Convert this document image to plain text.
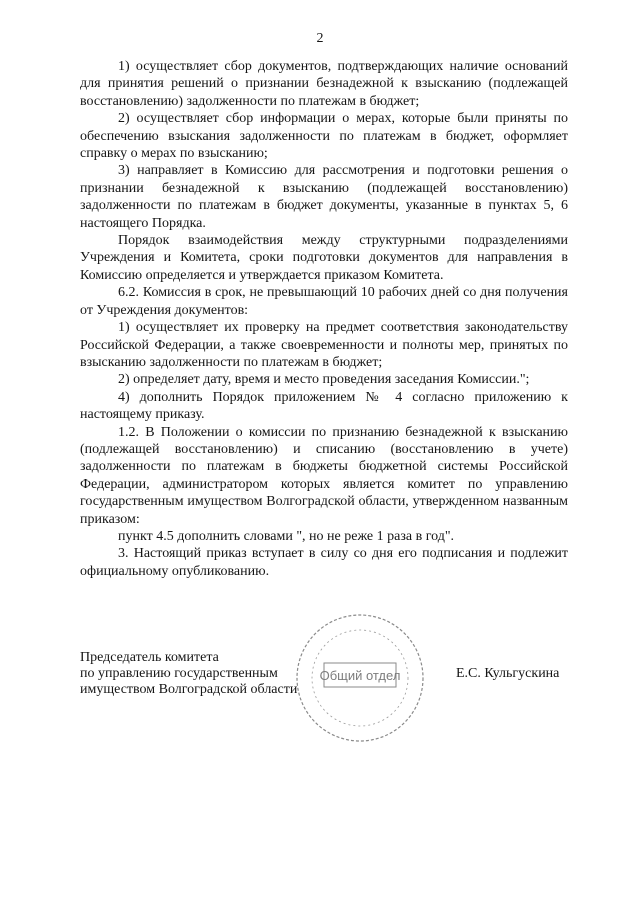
2

1) осуществляет сбор документов, подтверждающих наличие оснований для принятия решений о признании безнадежной к взысканию (подлежащей восстановлению) задолженности по платежам в бюджет;

2) осуществляет сбор информации о мерах, которые были приняты по обеспечению взыскания задолженности по платежам в бюджет, оформляет справку о мерах по взысканию;

3) направляет в Комиссию для рассмотрения и подготовки решения о признании безнадежной к взысканию (подлежащей восстановлению) задолженности по платежам в бюджет документы, указанные в пунктах 5, 6 настоящего Порядка.

Порядок взаимодействия между структурными подразделениями Учреждения и Комитета, сроки подготовки документов для направления в Комиссию определяется и утверждается приказом Комитета.

6.2. Комиссия в срок, не превышающий 10 рабочих дней со дня получения от Учреждения документов:

1) осуществляет их проверку на предмет соответствия законодательству Российской Федерации, а также своевременности и полноты мер, принятых по взысканию задолженности по платежам в бюджет;

2) определяет дату, время и место проведения заседания Комиссии.";

4) дополнить Порядок приложением № 4 согласно приложению к настоящему приказу.

1.2. В Положении о комиссии по признанию безнадежной к взысканию (подлежащей восстановлению) и списанию (восстановлению в учете) задолженности по платежам в бюджеты бюджетной системы Российской Федерации, администратором которых является комитет по управлению государственным имуществом Волгоградской области, утвержденном названным приказом:

пункт 4.5 дополнить словами ", но не реже 1 раза в год".

3. Настоящий приказ вступает в силу со дня его подписания и подлежит официальному опубликованию.

Председатель комитета
по управлению государственным
имуществом Волгоградской области
Общий отдел	Е.С. Кульгускина
